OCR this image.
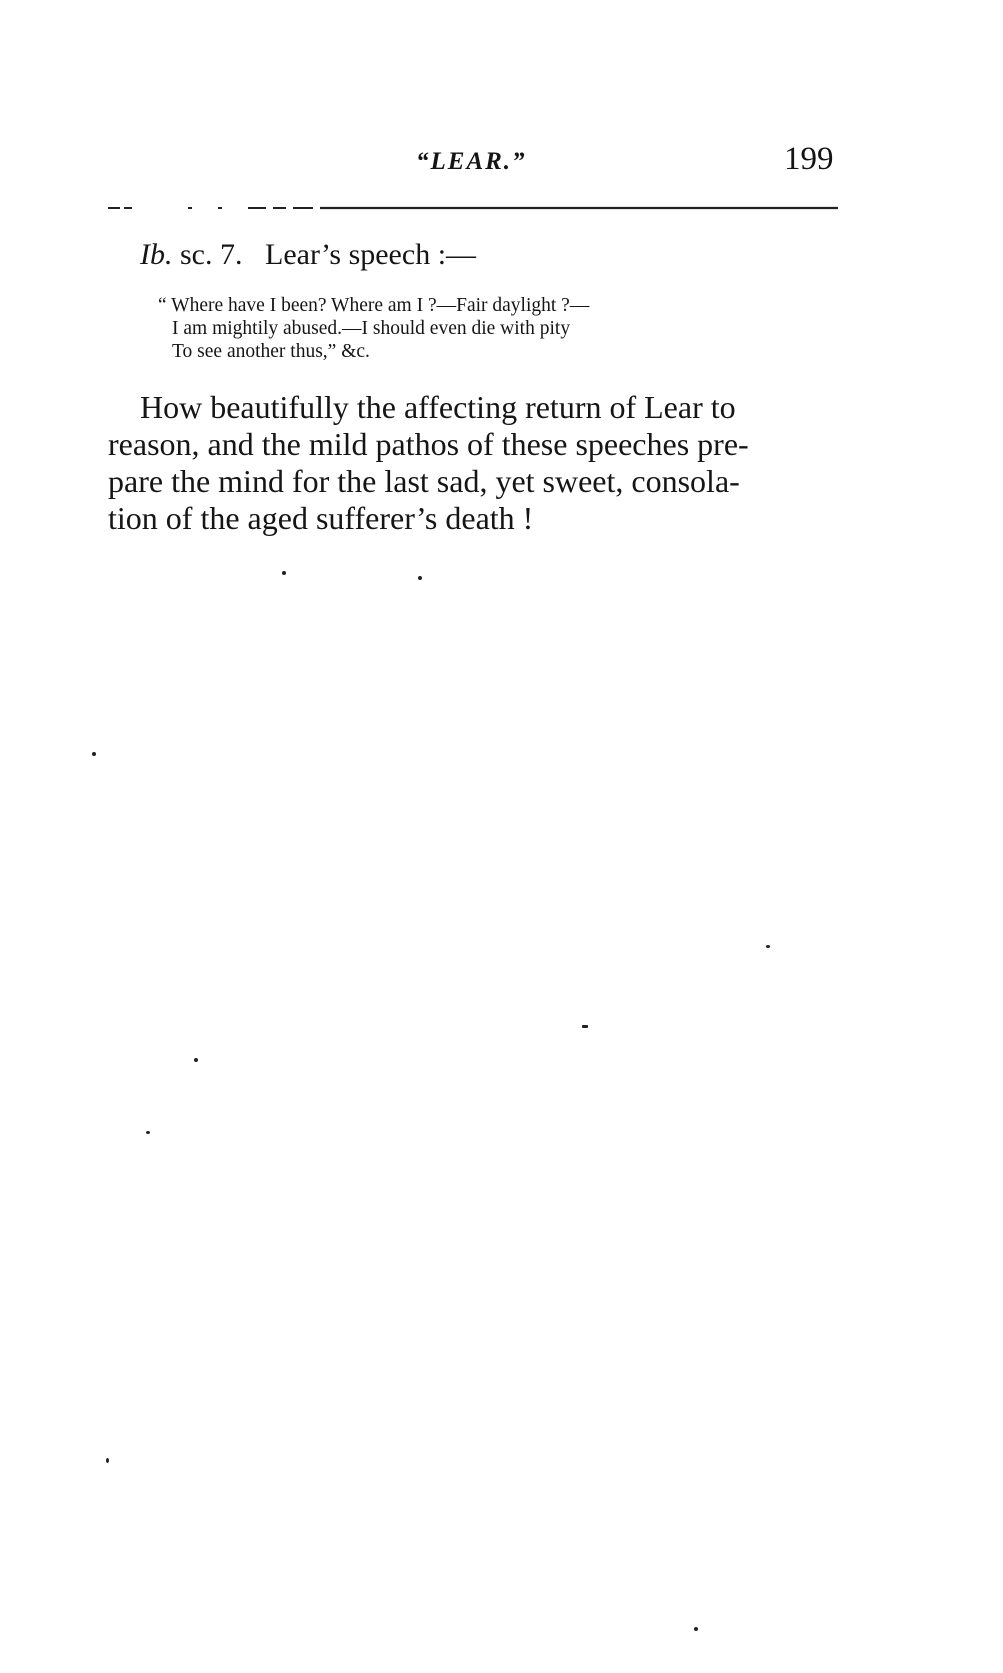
“LEAR.”	199
Ib. sc. 7. Lear’s speech :—
“ Where have I been? Where am I ?—Fair daylight ?—
I am mightily abused.—I should even die with pity
To see another thus,” &c.
How beautifully the affecting return of Lear to
reason, and the mild pathos of these speeches pre-
pare the mind for the last sad, yet sweet, consola-
tion of the aged sufferer’s death !
